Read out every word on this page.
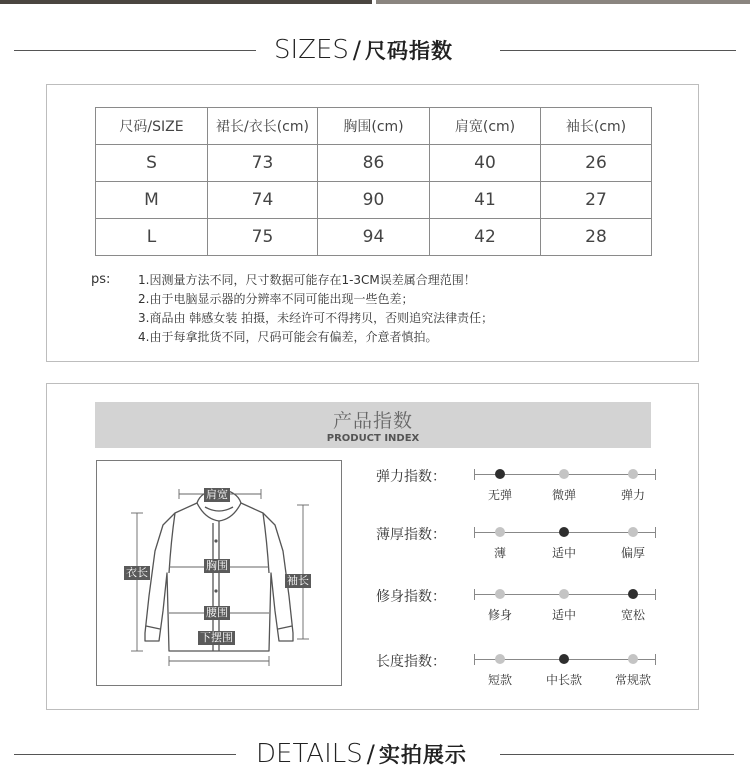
SIZES / 尺码指数
尺码/SIZE	裙长/衣长(cm)	胸围(cm)	肩宽(cm)	袖长(cm)
S	73	86	40	26
M	74	90	41	27
L	75	94	42	28
ps: 1.因测量方法不同，尺寸数据可能存在1-3CM误差属合理范围！
2.由于电脑显示器的分辨率不同可能出现一些色差；
3.商品由 韩感女装 拍摄，未经许可不得拷贝，否则追究法律责任；
4.由于每拿批货不同，尺码可能会有偏差，介意者慎拍。
产品指数
PRODUCT INDEX
肩宽
胸围
衣长
袖长
腰围
下摆围
弹力指数：
无弹	微弹	弹力
薄厚指数：
薄	适中	偏厚
修身指数：
修身	适中	宽松
长度指数：
短款	中长款	常规款
DETAILS / 实拍展示
